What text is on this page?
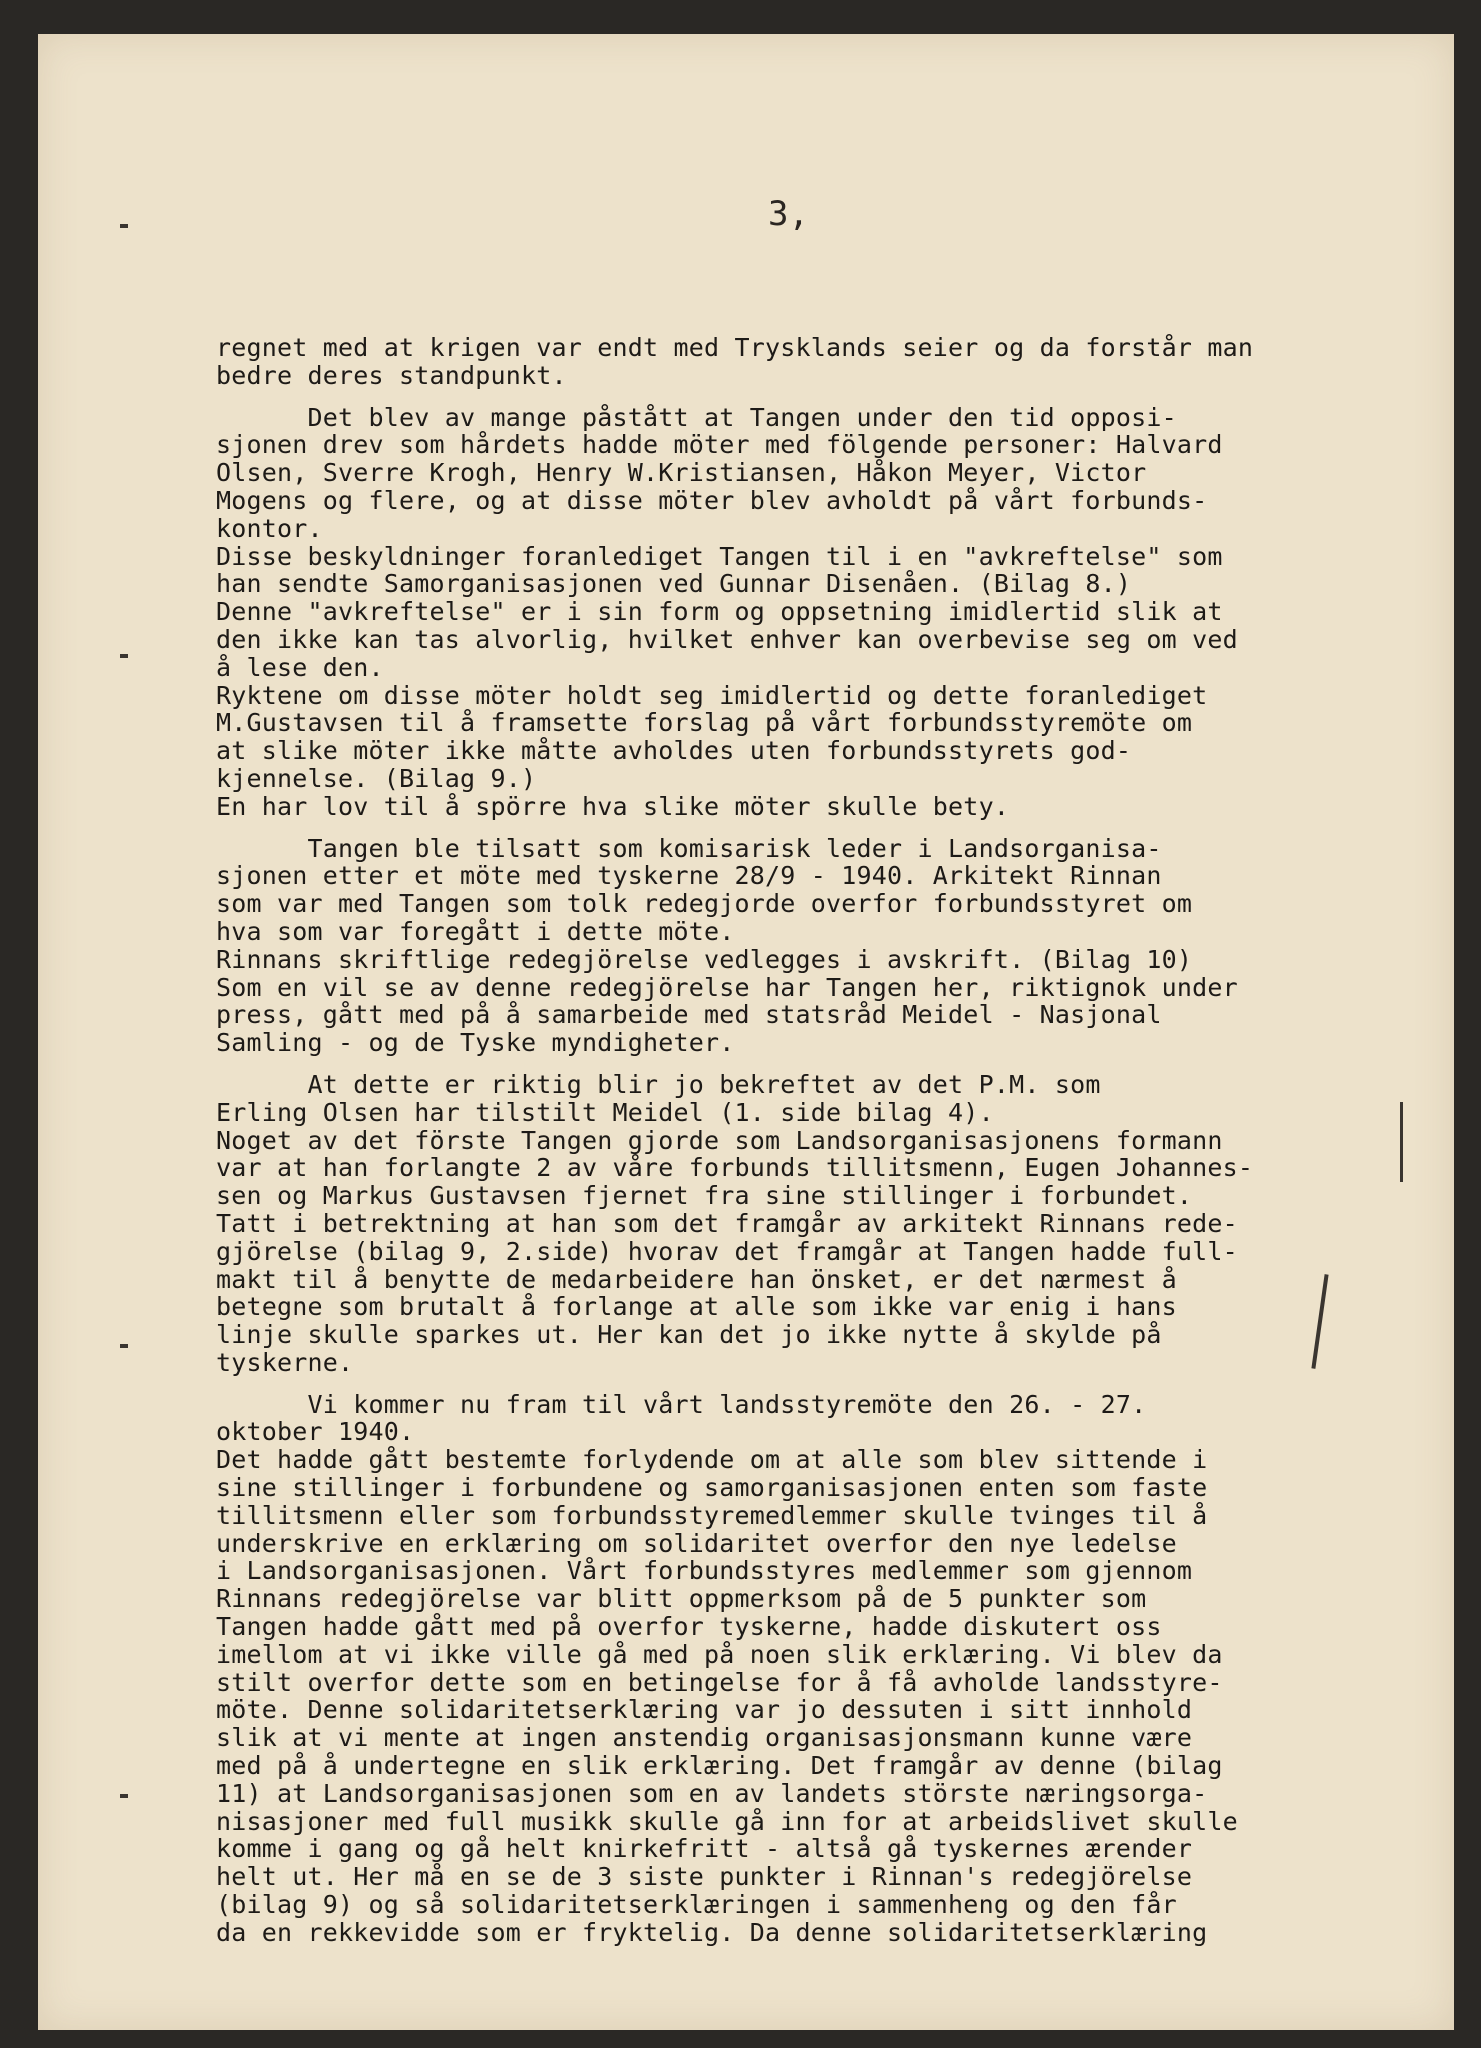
3,
regnet med at krigen var endt med Trysklands seier og da forstår man
bedre deres standpunkt.
Det blev av mange påstått at Tangen under den tid opposi-
sjonen drev som hårdets hadde möter med fölgende personer: Halvard
Olsen, Sverre Krogh, Henry W.Kristiansen, Håkon Meyer, Victor
Mogens og flere, og at disse möter blev avholdt på vårt forbunds-
kontor.
Disse beskyldninger foranlediget Tangen til i en "avkreftelse" som
han sendte Samorganisasjonen ved Gunnar Disenåen. (Bilag 8.)
Denne "avkreftelse" er i sin form og oppsetning imidlertid slik at
den ikke kan tas alvorlig, hvilket enhver kan overbevise seg om ved
å lese den.
Ryktene om disse möter holdt seg imidlertid og dette foranlediget
M.Gustavsen til å framsette forslag på vårt forbundsstyremöte om
at slike möter ikke måtte avholdes uten forbundsstyrets god-
kjennelse. (Bilag 9.)
En har lov til å spörre hva slike möter skulle bety.
Tangen ble tilsatt som komisarisk leder i Landsorganisa-
sjonen etter et möte med tyskerne 28/9 - 1940. Arkitekt Rinnan
som var med Tangen som tolk redegjorde overfor forbundsstyret om
hva som var foregått i dette möte.
Rinnans skriftlige redegjörelse vedlegges i avskrift. (Bilag 10)
Som en vil se av denne redegjörelse har Tangen her, riktignok under
press, gått med på å samarbeide med statsråd Meidel - Nasjonal
Samling - og de Tyske myndigheter.
At dette er riktig blir jo bekreftet av det P.M. som
Erling Olsen har tilstilt Meidel (1. side bilag 4).
Noget av det förste Tangen gjorde som Landsorganisasjonens formann
var at han forlangte 2 av våre forbunds tillitsmenn, Eugen Johannes-
sen og Markus Gustavsen fjernet fra sine stillinger i forbundet.
Tatt i betrektning at han som det framgår av arkitekt Rinnans rede-
gjörelse (bilag 9, 2.side) hvorav det framgår at Tangen hadde full-
makt til å benytte de medarbeidere han önsket, er det nærmest å
betegne som brutalt å forlange at alle som ikke var enig i hans
linje skulle sparkes ut. Her kan det jo ikke nytte å skylde på
tyskerne.
Vi kommer nu fram til vårt landsstyremöte den 26. - 27.
oktober 1940.
Det hadde gått bestemte forlydende om at alle som blev sittende i
sine stillinger i forbundene og samorganisasjonen enten som faste
tillitsmenn eller som forbundsstyremedlemmer skulle tvinges til å
underskrive en erklæring om solidaritet overfor den nye ledelse
i Landsorganisasjonen. Vårt forbundsstyres medlemmer som gjennom
Rinnans redegjörelse var blitt oppmerksom på de 5 punkter som
Tangen hadde gått med på overfor tyskerne, hadde diskutert oss
imellom at vi ikke ville gå med på noen slik erklæring. Vi blev da
stilt overfor dette som en betingelse for å få avholde landsstyre-
möte. Denne solidaritetserklæring var jo dessuten i sitt innhold
slik at vi mente at ingen anstendig organisasjonsmann kunne være
med på å undertegne en slik erklæring. Det framgår av denne (bilag
11) at Landsorganisasjonen som en av landets störste næringsorga-
nisasjoner med full musikk skulle gå inn for at arbeidslivet skulle
komme i gang og gå helt knirkefritt - altså gå tyskernes ærender
helt ut. Her må en se de 3 siste punkter i Rinnan's redegjörelse
(bilag 9) og så solidaritetserklæringen i sammenheng og den får
da en rekkevidde som er fryktelig. Da denne solidaritetserklæring
